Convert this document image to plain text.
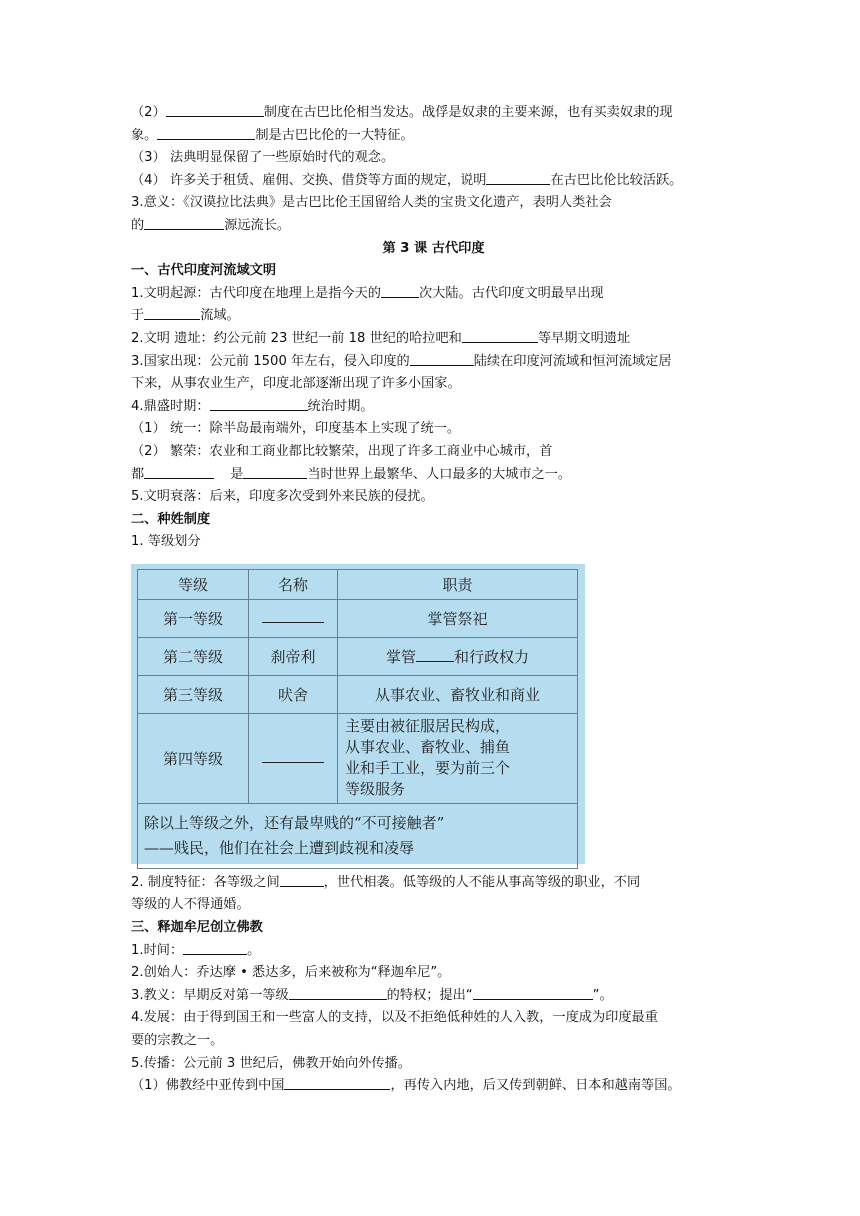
（2）	制度在古巴比伦相当发达。战俘是奴隶的主要来源，也有买卖奴隶的现
象。	制是古巴比伦的一大特征。
（3） 法典明显保留了一些原始时代的观念。
（4） 许多关于租赁、雇佣、交换、借贷等方面的规定，说明	在古巴比伦比较活跃。
3.意义：《汉谟拉比法典》是古巴比伦王国留给人类的宝贵文化遗产，表明人类社会
的	源远流长。
第 3 课 古代印度
一、古代印度河流域文明
1.文明起源：古代印度在地理上是指今天的	次大陆。古代印度文明最早出现
于	流域。
2.文明 遗址：约公元前 23 世纪一前 18 世纪的哈拉吧和	等早期文明遗址
3.国家出现：公元前 1500 年左右，侵入印度的	陆续在印度河流域和恒河流域定居
下来，从事农业生产，印度北部逐渐出现了许多小国家。
4.鼎盛时期：	统治时期。
（1） 统一：除半岛最南端外，印度基本上实现了统一。
（2） 繁荣：农业和工商业都比较繁荣，出现了许多工商业中心城市，首
都	是	当时世界上最繁华、人口最多的大城市之一。
5.文明衰落：后来，印度多次受到外来民族的侵扰。
二、种姓制度
1. 等级划分
等级	名称	职责
第一等级		掌管祭祀
第二等级	刹帝利	掌管 和行政权力
第三等级	吠舍	从事农业、畜牧业和商业
第四等级		主要由被征服居民构成，
从事农业、畜牧业、捕鱼
业和手工业，要为前三个
等级服务

除以上等级之外，还有最卑贱的“不可接触者”
——贱民，他们在社会上遭到歧视和凌辱		
2. 制度特征：各等级之间	，世代相袭。低等级的人不能从事高等级的职业，不同
等级的人不得通婚。
三、释迦牟尼创立佛教
1.时间：	。
2.创始人：乔达摩 • 悉达多，后来被称为“释迦牟尼”。
3.教义：早期反对第一等级	的特权；提出“	”。
4.发展：由于得到国王和一些富人的支持，以及不拒绝低种姓的人入教，一度成为印度最重
要的宗教之一。
5.传播：公元前 3 世纪后，佛教开始向外传播。
（1）佛教经中亚传到中国	，再传入内地，后又传到朝鲜、日本和越南等国。
